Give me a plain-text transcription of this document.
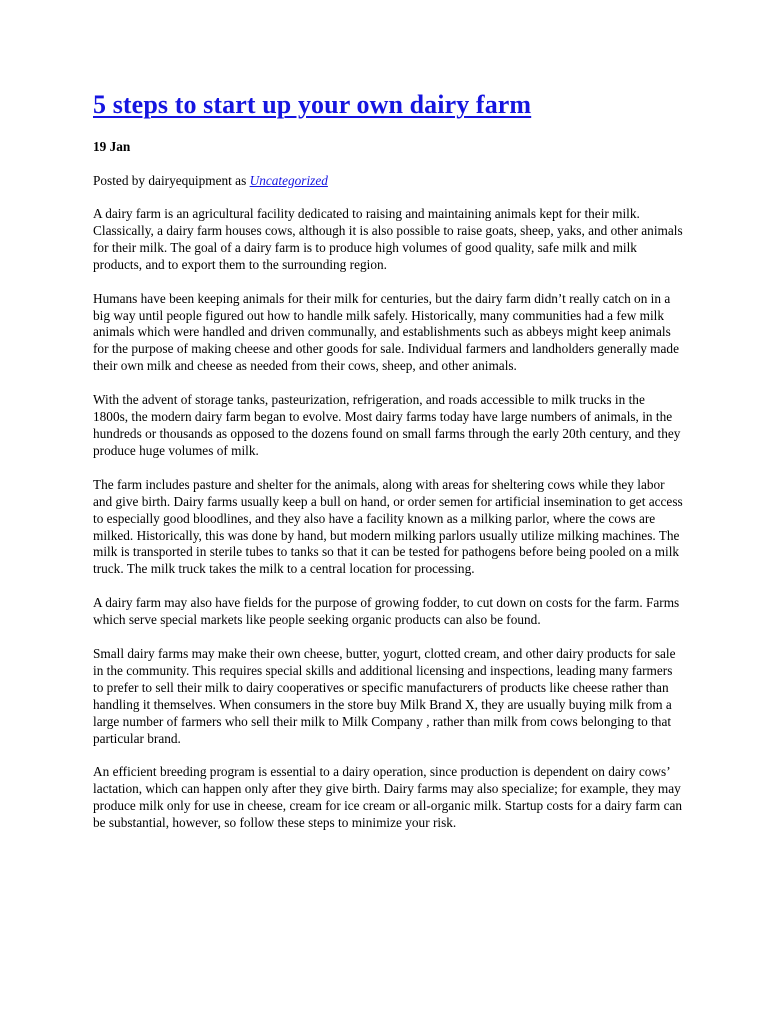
5 steps to start up your own dairy farm

19 Jan

Posted by dairyequipment as Uncategorized

A dairy farm is an agricultural facility dedicated to raising and maintaining animals kept for their milk. Classically, a dairy farm houses cows, although it is also possible to raise goats, sheep, yaks, and other animals for their milk. The goal of a dairy farm is to produce high volumes of good quality, safe milk and milk products, and to export them to the surrounding region.

Humans have been keeping animals for their milk for centuries, but the dairy farm didn’t really catch on in a big way until people figured out how to handle milk safely. Historically, many communities had a few milk animals which were handled and driven communally, and establishments such as abbeys might keep animals for the purpose of making cheese and other goods for sale. Individual farmers and landholders generally made their own milk and cheese as needed from their cows, sheep, and other animals.

With the advent of storage tanks, pasteurization, refrigeration, and roads accessible to milk trucks in the 1800s, the modern dairy farm began to evolve. Most dairy farms today have large numbers of animals, in the hundreds or thousands as opposed to the dozens found on small farms through the early 20th century, and they produce huge volumes of milk.

The farm includes pasture and shelter for the animals, along with areas for sheltering cows while they labor and give birth. Dairy farms usually keep a bull on hand, or order semen for artificial insemination to get access to especially good bloodlines, and they also have a facility known as a milking parlor, where the cows are milked. Historically, this was done by hand, but modern milking parlors usually utilize milking machines. The milk is transported in sterile tubes to tanks so that it can be tested for pathogens before being pooled on a milk truck. The milk truck takes the milk to a central location for processing.

A dairy farm may also have fields for the purpose of growing fodder, to cut down on costs for the farm. Farms which serve special markets like people seeking organic products can also be found.

Small dairy farms may make their own cheese, butter, yogurt, clotted cream, and other dairy products for sale in the community. This requires special skills and additional licensing and inspections, leading many farmers to prefer to sell their milk to dairy cooperatives or specific manufacturers of products like cheese rather than handling it themselves. When consumers in the store buy Milk Brand X, they are usually buying milk from a large number of farmers who sell their milk to Milk Company , rather than milk from cows belonging to that particular brand.

An efficient breeding program is essential to a dairy operation, since production is dependent on dairy cows’ lactation, which can happen only after they give birth. Dairy farms may also specialize; for example, they may produce milk only for use in cheese, cream for ice cream or all-organic milk. Startup costs for a dairy farm can be substantial, however, so follow these steps to minimize your risk.
